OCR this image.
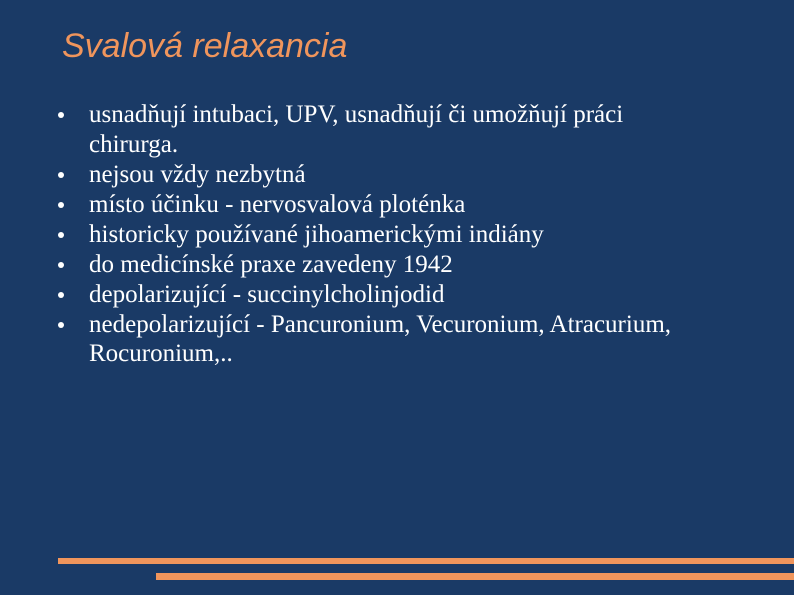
Svalová relaxancia
usnadňují intubaci, UPV, usnadňují či umožňují práci chirurga.
nejsou vždy nezbytná
místo účinku - nervosvalová ploténka
historicky používané jihoamerickými indiány
do medicínské praxe zavedeny 1942
depolarizující - succinylcholinjodid
nedepolarizující - Pancuronium, Vecuronium, Atracurium, Rocuronium,..
